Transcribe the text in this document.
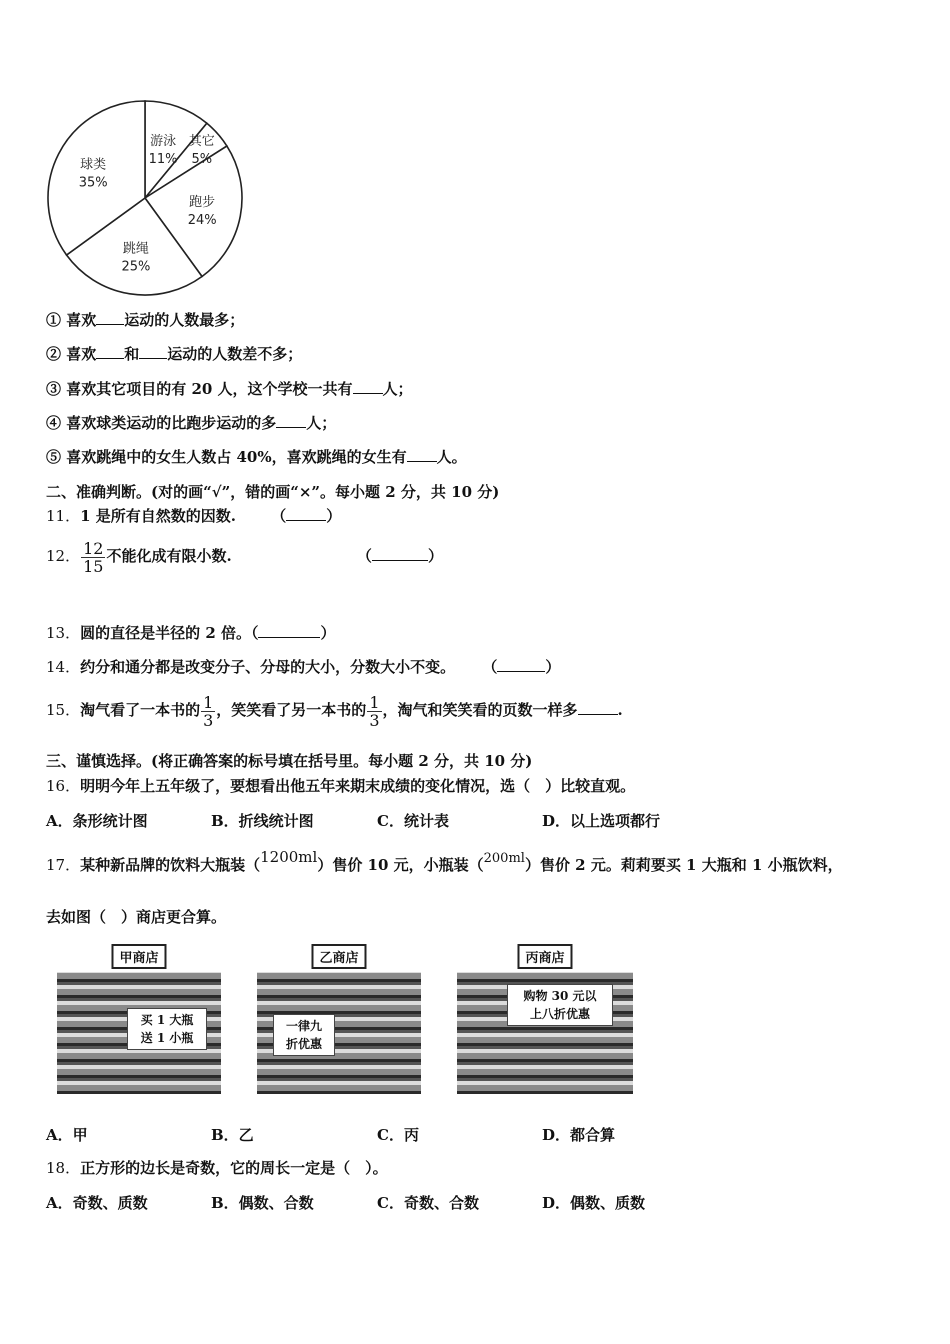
游泳
11%
其它
5%
跑步
24%
跳绳
25%
球类
35%
① 喜欢 运动的人数最多；
② 喜欢 和 运动的人数差不多；
③ 喜欢其它项目的有 20 人，这个学校一共有 人；
④ 喜欢球类运动的比跑步运动的多 人；
⑤ 喜欢跳绳中的女生人数占 40%，喜欢跳绳的女生有 人。
二、准确判断。(对的画“√”，错的画“×”。每小题 2 分，共 10 分)
11．1 是所有自然数的因数. （	）
12． $\frac{12}{15}$ 不能化成有限小数.	（	）
13．圆的直径是半径的 2 倍。（	）
14．约分和通分都是改变分子、分母的大小，分数大小不变。 （	）
15．淘气看了一本书的 $\frac{1}{3}$ ，笑笑看了另一本书的 $\frac{1}{3}$ ，淘气和笑笑看的页数一样多	.
三、谨慎选择。(将正确答案的标号填在括号里。每小题 2 分，共 10 分)
16．明明今年上五年级了，要想看出他五年来期末成绩的变化情况，选（　）比较直观。
A．条形统计图	B．折线统计图	C．统计表	D．以上选项都行
17．某种新品牌的饮料大瓶装（1200ml）售价 10 元，小瓶装（200ml）售价 2 元。莉莉要买 1 大瓶和 1 小瓶饮料，
去如图（　）商店更合算。
甲商店
买 1 大瓶
送 1 小瓶
乙商店
一律九
折优惠
丙商店
购物 30 元以
上八折优惠
A．甲	B．乙	C．丙	D．都合算
18．正方形的边长是奇数，它的周长一定是（　）。
A．奇数、质数	B．偶数、合数	C．奇数、合数	D．偶数、质数
